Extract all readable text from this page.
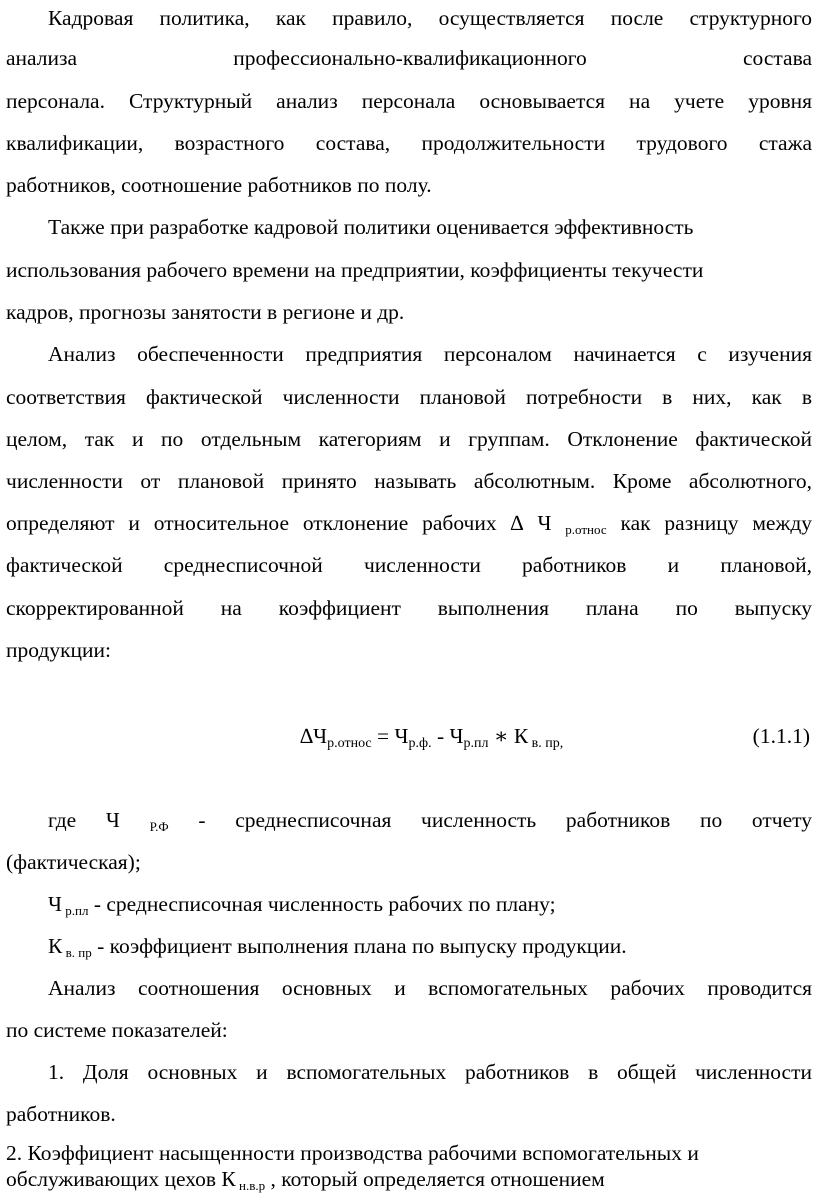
Кадровая политика, как правило, осуществляется после структурного
анализа профессионально-квалификационного состава
персонала. Структурный анализ персонала основывается на учете уровня
квалификации, возрастного состава, продолжительности трудового стажа
работников, соотношение работников по полу.
Также при разработке кадровой политики оценивается эффективность
использования рабочего времени на предприятии, коэффициенты текучести
кадров, прогнозы занятости в регионе и др.
Анализ обеспеченности предприятия персоналом начинается с изучения
соответствия фактической численности плановой потребности в них, как в
целом, так и по отдельным категориям и группам. Отклонение фактической
численности от плановой принято называть абсолютным. Кроме абсолютного,
определяют и относительное отклонение рабочих ∆ Ч $_{р.относ}$ как разницу между
фактической среднесписочной численности работников и плановой,
скорректированной на коэффициент выполнения плана по выпуску
продукции:
∆Чр.относ = Чр.ф. - Чр.пл ∗ К в. пр,	(1.1.1)
где Ч $_{Р.Ф}$ - среднесписочная численность работников по отчету
(фактическая);
Ч $_{р.пл}$ - среднесписочная численность рабочих по плану;
К $_{в. пр}$ - коэффициент выполнения плана по выпуску продукции.
Анализ соотношения основных и вспомогательных рабочих проводится
по системе показателей:
1. Доля основных и вспомогательных работников в общей численности
работников.
2. Коэффициент насыщенности производства рабочими вспомогательных и
обслуживающих цехов К $_{н.в.р}$ , который определяется отношением
